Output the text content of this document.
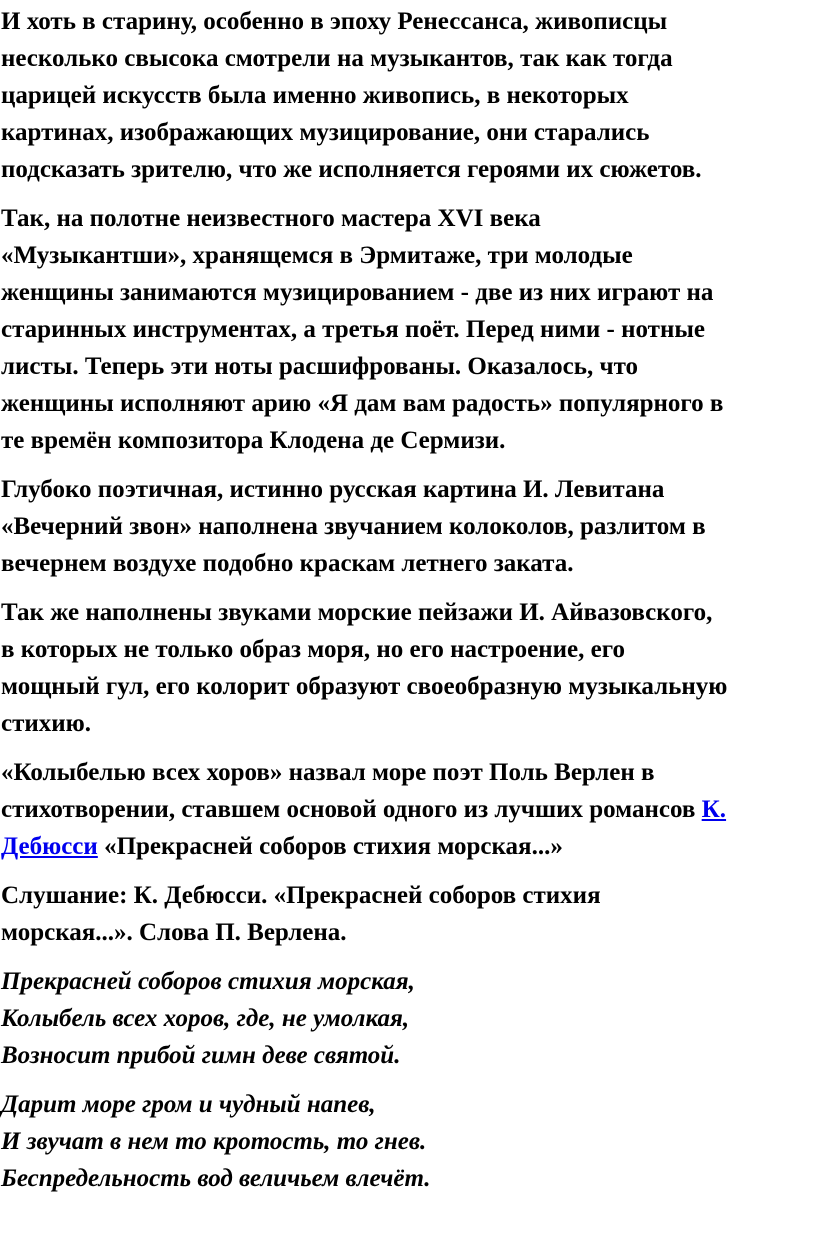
И хоть в старину, особенно в эпоху Ренессанса, живописцы
несколько свысока смотрели на музыкантов, так как тогда
царицей искусств была именно живопись, в некоторых
картинах, изображающих музицирование, они старались
подсказать зрителю, что же исполняется героями их сюжетов.

Так, на полотне неизвестного мастера XVI века
«Музыкантши», хранящемся в Эрмитаже, три молодые
женщины занимаются музицированием - две из них играют на
старинных инструментах, а третья поёт. Перед ними - нотные
листы. Теперь эти ноты расшифрованы. Оказалось, что
женщины исполняют арию «Я дам вам радость» популярного в
те времён композитора Клодена де Сермизи.

Глубоко поэтичная, истинно русская картина И. Левитана
«Вечерний звон» наполнена звучанием колоколов, разлитом в
вечернем воздухе подобно краскам летнего заката.

Так же наполнены звуками морские пейзажи И. Айвазовского,
в которых не только образ моря, но его настроение, его
мощный гул, его колорит образуют своеобразную музыкальную
стихию.

«Колыбелью всех хоров» назвал море поэт Поль Верлен в
стихотворении, ставшем основой одного из лучших романсов К.
Дебюсси «Прекрасней соборов стихия морская...»

Слушание: К. Дебюсси. «Прекрасней соборов стихия
морская...». Слова П. Верлена.

Прекрасней соборов стихия морская,
Колыбель всех хоров, где, не умолкая,
Возносит прибой гимн деве святой.

Дарит море гром и чудный напев,
И звучат в нем то кротость, то гнев.
Беспредельность вод величьем влечёт.
